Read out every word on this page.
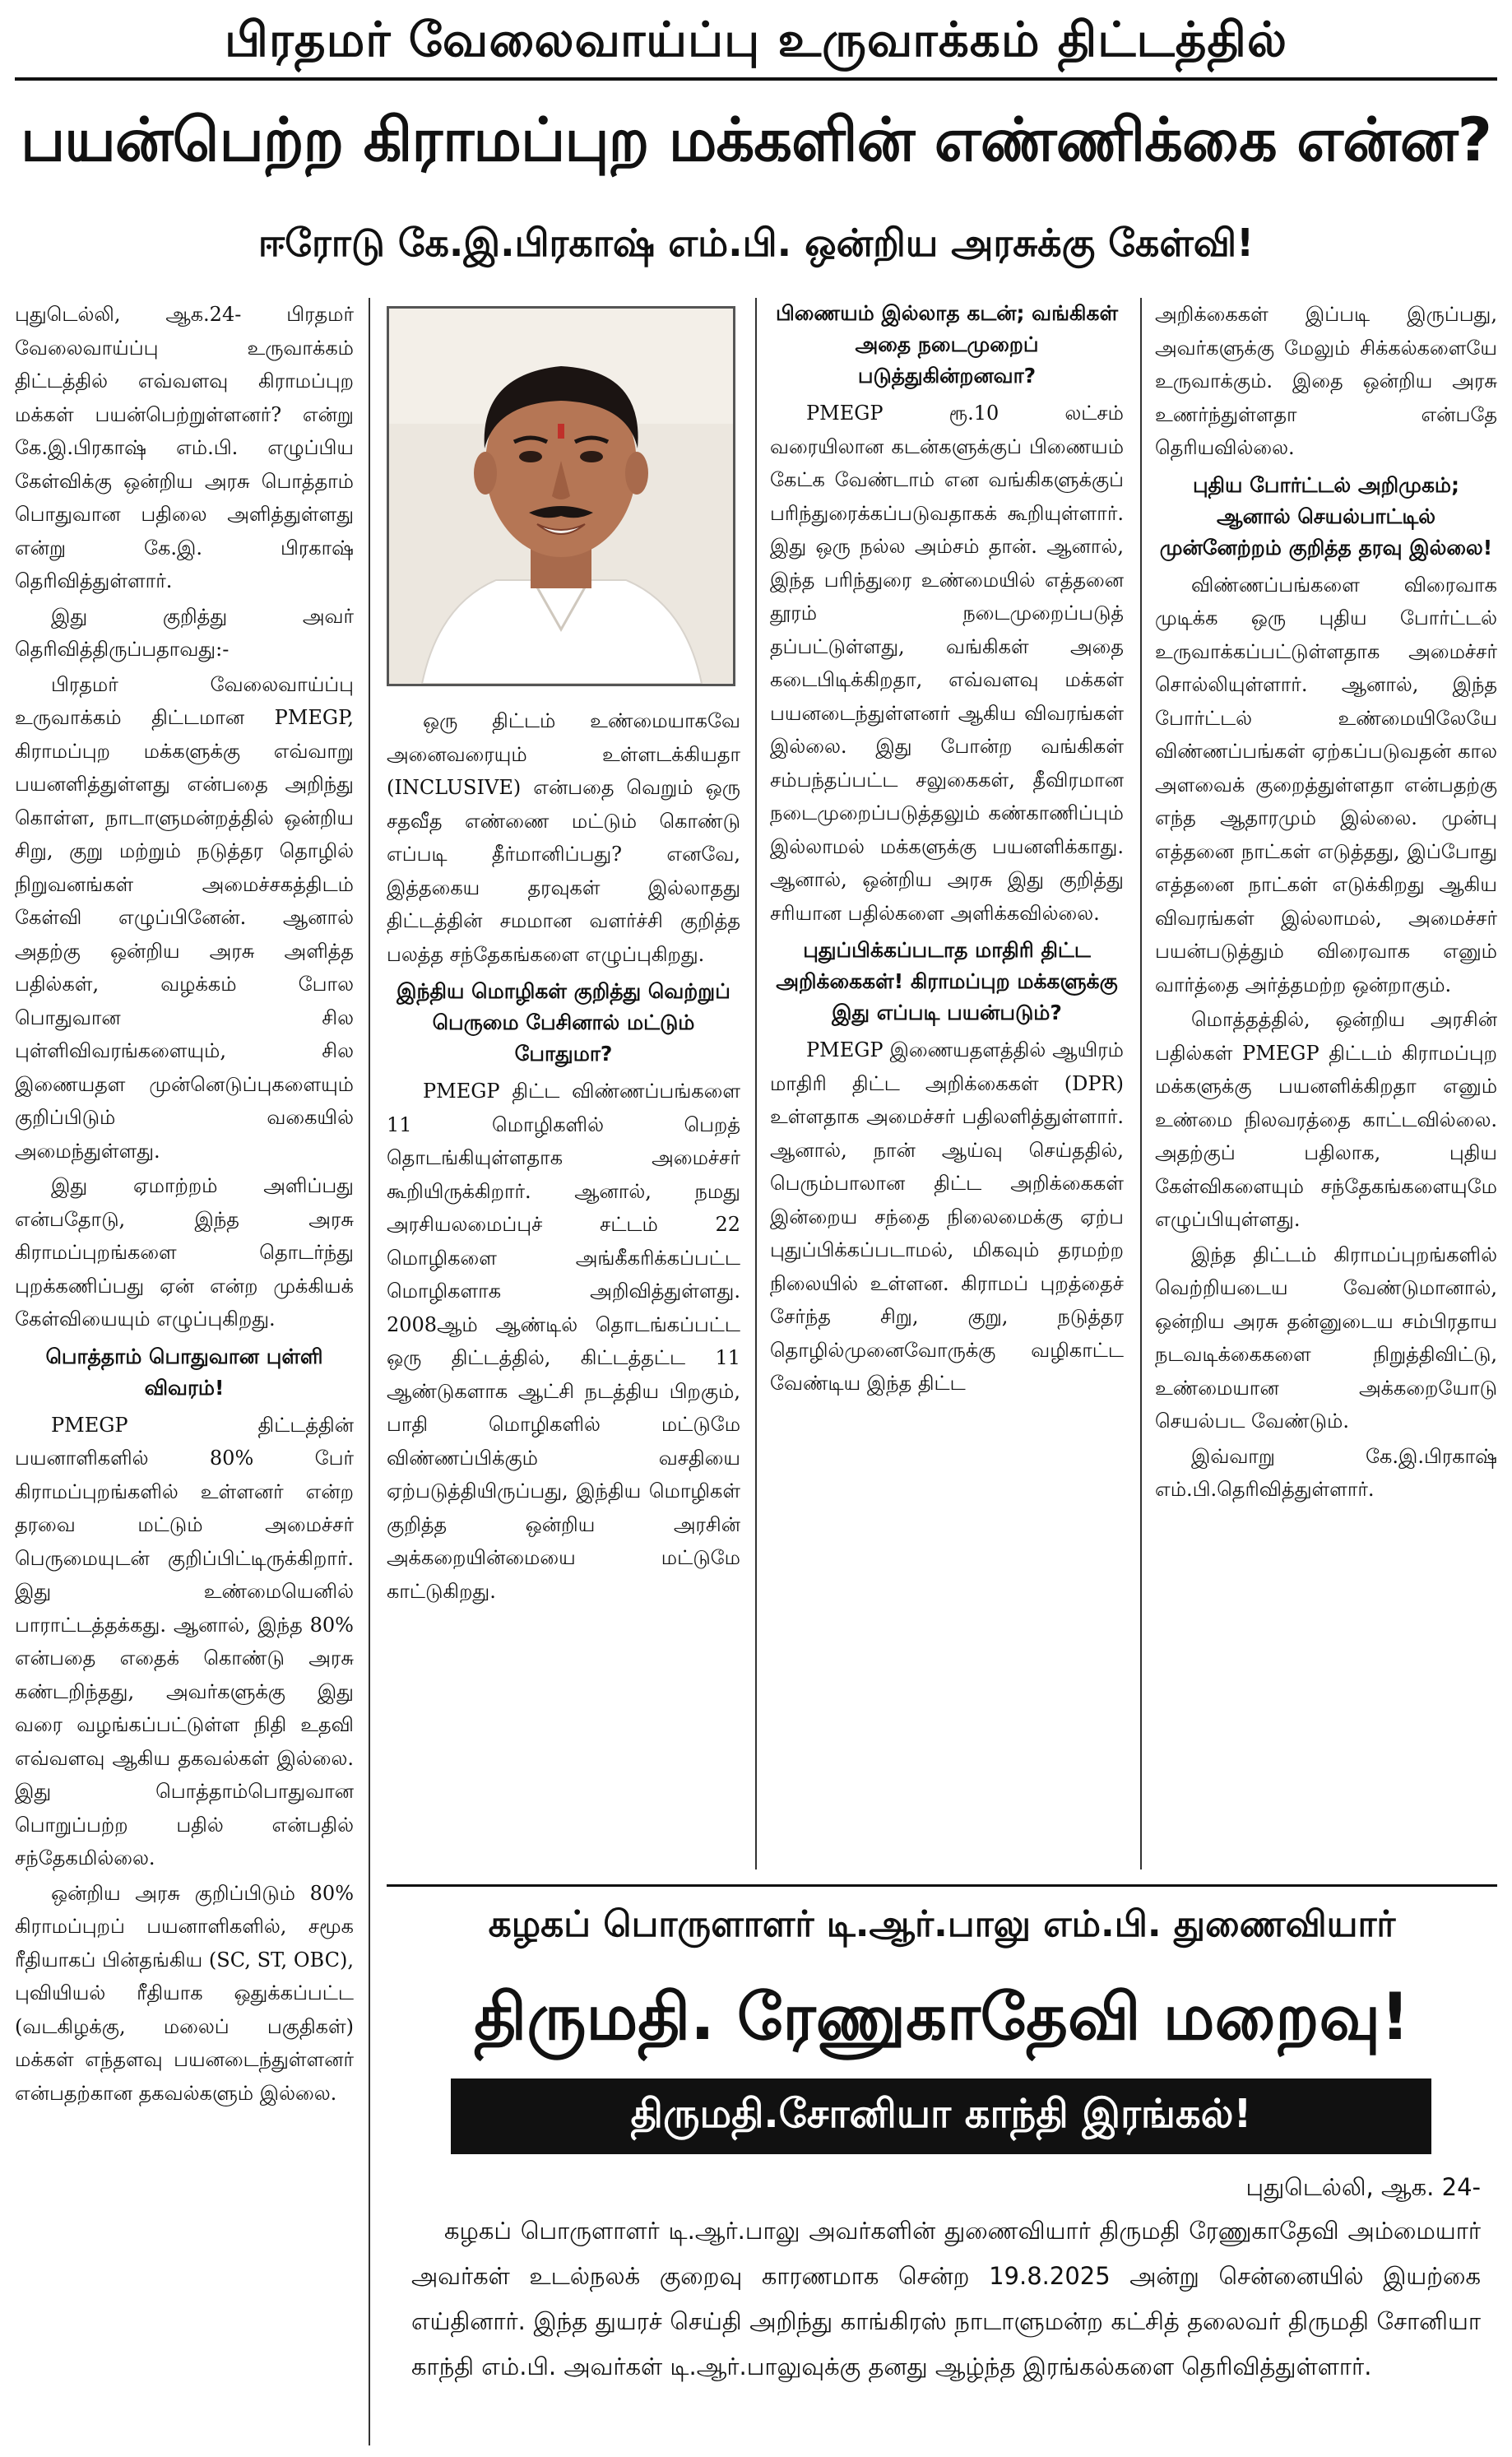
பிரதமர் வேலைவாய்ப்பு உருவாக்கம் திட்டத்தில்
பயன்பெற்ற கிராமப்புற மக்களின் எண்ணிக்கை என்ன?
ஈரோடு கே.இ.பிரகாஷ் எம்.பி. ஒன்றிய அரசுக்கு கேள்வி!

புதுடெல்லி, ஆக.24- பிரதமர் வேலைவாய்ப்பு உருவாக்கம் திட்டத்தில் எவ்வளவு கிராமப்புற மக்கள் பயன்பெற்றுள்ளனர்? என்று கே.இ.பிரகாஷ் எம்.பி. எழுப்பிய கேள்விக்கு ஒன்றிய அரசு பொத்தாம் பொதுவான பதிலை அளித்துள்ளது என்று கே.இ. பிரகாஷ் தெரிவித்துள்ளார்.

இது குறித்து அவர் தெரிவித்திருப்பதாவது:-

பிரதமர் வேலைவாய்ப்பு உருவாக்கம் திட்டமான PMEGP, கிராமப்புற மக்களுக்கு எவ்வாறு பயனளித்துள்ளது என்பதை அறிந்து கொள்ள, நாடாளுமன்றத்தில் ஒன்றிய சிறு, குறு மற்றும் நடுத்தர தொழில் நிறுவனங்கள் அமைச்சகத்திடம் கேள்வி எழுப்பினேன். ஆனால் அதற்கு ஒன்றிய அரசு அளித்த பதில்கள், வழக்கம் போல பொதுவான சில புள்ளிவிவரங்களையும், சில இணையதள முன்னெடுப்புகளையும் குறிப்பிடும் வகையில் அமைந்துள்ளது.

இது ஏமாற்றம் அளிப்பது என்பதோடு, இந்த அரசு கிராமப்புறங்களை தொடர்ந்து புறக்கணிப்பது ஏன் என்ற முக்கியக் கேள்வியையும் எழுப்புகிறது.

பொத்தாம் பொதுவான புள்ளி விவரம்!

PMEGP திட்டத்தின் பயனாளிகளில் 80% பேர் கிராமப்புறங்களில் உள்ளனர் என்ற தரவை மட்டும் அமைச்சர் பெருமையுடன் குறிப்பிட்டிருக்கிறார். இது உண்மையெனில் பாராட்டத்தக்கது. ஆனால், இந்த 80% என்பதை எதைக் கொண்டு அரசு கண்டறிந்தது, அவர்களுக்கு இது வரை வழங்கப்பட்டுள்ள நிதி உதவி எவ்வளவு ஆகிய தகவல்கள் இல்லை. இது பொத்தாம்பொதுவான பொறுப்பற்ற பதில் என்பதில் சந்தேகமில்லை.

ஒன்றிய அரசு குறிப்பிடும் 80% கிராமப்புறப் பயனாளிகளில், சமூக ரீதியாகப் பின்தங்கிய (SC, ST, OBC), புவியியல் ரீதியாக ஒதுக்கப்பட்ட (வடகிழக்கு, மலைப் பகுதிகள்) மக்கள் எந்தளவு பயனடைந்துள்ளனர் என்பதற்கான தகவல்களும் இல்லை.

ஒரு திட்டம் உண்மையாகவே அனைவரையும் உள்ளடக்கியதா (INCLUSIVE) என்பதை வெறும் ஒரு சதவீத எண்ணை மட்டும் கொண்டு எப்படி தீர்மானிப்பது? எனவே, இத்தகைய தரவுகள் இல்லாதது திட்டத்தின் சமமான வளர்ச்சி குறித்த பலத்த சந்தேகங்களை எழுப்புகிறது.

இந்திய மொழிகள் குறித்து வெற்றுப் பெருமை பேசினால் மட்டும் போதுமா?

PMEGP திட்ட விண்ணப்பங்களை 11 மொழிகளில் பெறத் தொடங்கியுள்ளதாக அமைச்சர் கூறியிருக்கிறார். ஆனால், நமது அரசியலமைப்புச் சட்டம் 22 மொழிகளை அங்கீகரிக்கப்பட்ட மொழிகளாக அறிவித்துள்ளது. 2008ஆம் ஆண்டில் தொடங்கப்பட்ட ஒரு திட்டத்தில், கிட்டத்தட்ட 11 ஆண்டுகளாக ஆட்சி நடத்திய பிறகும், பாதி மொழிகளில் மட்டுமே விண்ணப்பிக்கும் வசதியை ஏற்படுத்தியிருப்பது, இந்திய மொழிகள் குறித்த ஒன்றிய அரசின் அக்கறையின்மையை மட்டுமே காட்டுகிறது.

பிணையம் இல்லாத கடன்; வங்கிகள் அதை நடைமுறைப் படுத்துகின்றனவா?

PMEGP ரூ.10 லட்சம் வரையிலான கடன்களுக்குப் பிணையம் கேட்க வேண்டாம் என வங்கிகளுக்குப் பரிந்துரைக்கப்படுவதாகக் கூறியுள்ளார். இது ஒரு நல்ல அம்சம் தான். ஆனால், இந்த பரிந்துரை உண்மையில் எத்தனை தூரம் நடைமுறைப்படுத் தப்பட்டுள்ளது, வங்கிகள் அதை கடைபிடிக்கிறதா, எவ்வளவு மக்கள் பயனடைந்துள்ளனர் ஆகிய விவரங்கள் இல்லை. இது போன்ற வங்கிகள் சம்பந்தப்பட்ட சலுகைகள், தீவிரமான நடைமுறைப்படுத்தலும் கண்காணிப்பும் இல்லாமல் மக்களுக்கு பயனளிக்காது. ஆனால், ஒன்றிய அரசு இது குறித்து சரியான பதில்களை அளிக்கவில்லை.

புதுப்பிக்கப்படாத மாதிரி திட்ட அறிக்கைகள்! கிராமப்புற மக்களுக்கு இது எப்படி பயன்படும்?

PMEGP இணையதளத்தில் ஆயிரம் மாதிரி திட்ட அறிக்கைகள் (DPR) உள்ளதாக அமைச்சர் பதிலளித்துள்ளார். ஆனால், நான் ஆய்வு செய்ததில், பெரும்பாலான திட்ட அறிக்கைகள் இன்றைய சந்தை நிலைமைக்கு ஏற்ப புதுப்பிக்கப்படாமல், மிகவும் தரமற்ற நிலையில் உள்ளன. கிராமப் புறத்தைச் சேர்ந்த சிறு, குறு, நடுத்தர தொழில்முனைவோருக்கு வழிகாட்ட வேண்டிய இந்த திட்ட

அறிக்கைகள் இப்படி இருப்பது, அவர்களுக்கு மேலும் சிக்கல்களையே உருவாக்கும். இதை ஒன்றிய அரசு உணர்ந்துள்ளதா என்பதே தெரியவில்லை.

புதிய போர்ட்டல் அறிமுகம்; ஆனால் செயல்பாட்டில் முன்னேற்றம் குறித்த தரவு இல்லை!

விண்ணப்பங்களை விரைவாக முடிக்க ஒரு புதிய போர்ட்டல் உருவாக்கப்பட்டுள்ளதாக அமைச்சர் சொல்லியுள்ளார். ஆனால், இந்த போர்ட்டல் உண்மையிலேயே விண்ணப்பங்கள் ஏற்கப்படுவதன் கால அளவைக் குறைத்துள்ளதா என்பதற்கு எந்த ஆதாரமும் இல்லை. முன்பு எத்தனை நாட்கள் எடுத்தது, இப்போது எத்தனை நாட்கள் எடுக்கிறது ஆகிய விவரங்கள் இல்லாமல், அமைச்சர் பயன்படுத்தும் விரைவாக எனும் வார்த்தை அர்த்தமற்ற ஒன்றாகும்.

மொத்தத்தில், ஒன்றிய அரசின் பதில்கள் PMEGP திட்டம் கிராமப்புற மக்களுக்கு பயனளிக்கிறதா எனும் உண்மை நிலவரத்தை காட்டவில்லை. அதற்குப் பதிலாக, புதிய கேள்விகளையும் சந்தேகங்களையுமே எழுப்பியுள்ளது.

இந்த திட்டம் கிராமப்புறங்களில் வெற்றியடைய வேண்டுமானால், ஒன்றிய அரசு தன்னுடைய சம்பிரதாய நடவடிக்கைகளை நிறுத்திவிட்டு, உண்மையான அக்கறையோடு செயல்பட வேண்டும்.

இவ்வாறு கே.இ.பிரகாஷ் எம்.பி.தெரிவித்துள்ளார்.

கழகப் பொருளாளர் டி.ஆர்.பாலு எம்.பி. துணைவியார்
திருமதி. ரேணுகாதேவி மறைவு!
திருமதி.சோனியா காந்தி இரங்கல்!
புதுடெல்லி, ஆக. 24-

கழகப் பொருளாளர் டி.ஆர்.பாலு அவர்களின் துணைவியார் திருமதி ரேணுகாதேவி அம்மையார் அவர்கள் உடல்நலக் குறைவு காரணமாக சென்ற 19.8.2025 அன்று சென்னையில் இயற்கை எய்தினார். இந்த துயரச் செய்தி அறிந்து காங்கிரஸ் நாடாளுமன்ற கட்சித் தலைவர் திருமதி சோனியா காந்தி எம்.பி. அவர்கள் டி.ஆர்.பாலுவுக்கு தனது ஆழ்ந்த இரங்கல்களை தெரிவித்துள்ளார்.
